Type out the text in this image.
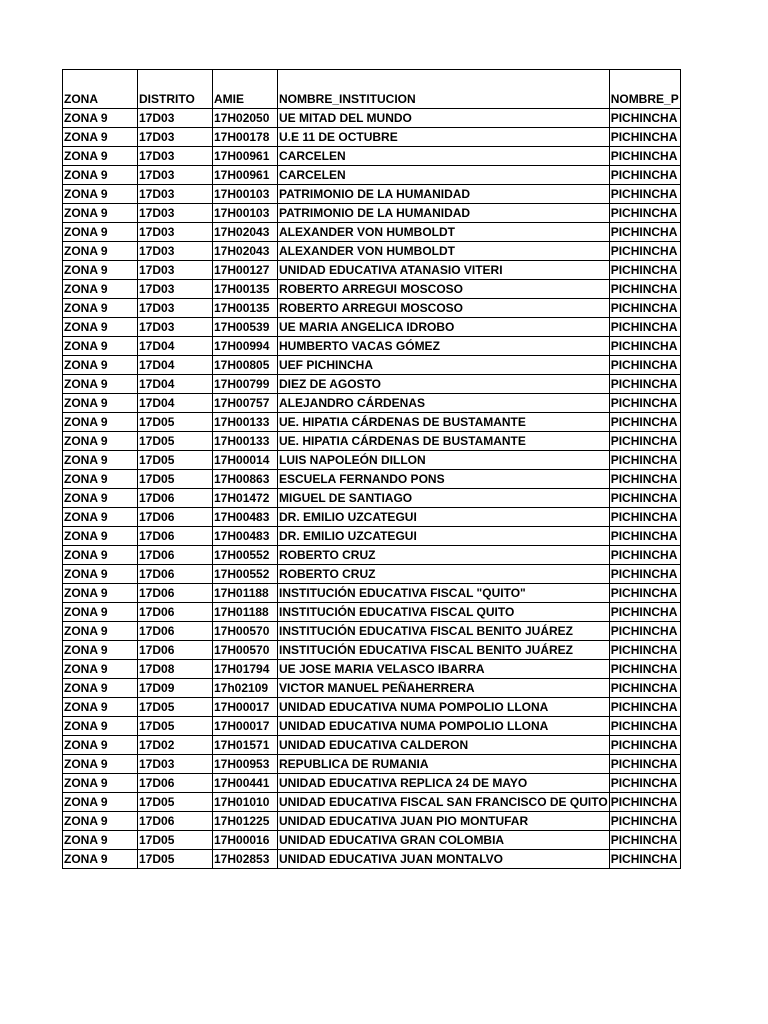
ZONA	DISTRITO	AMIE	NOMBRE_INSTITUCION	NOMBRE_P
ZONA 9	17D03	17H02050	UE MITAD DEL MUNDO	PICHINCHA
ZONA 9	17D03	17H00178	U.E 11 DE OCTUBRE	PICHINCHA
ZONA 9	17D03	17H00961	CARCELEN	PICHINCHA
ZONA 9	17D03	17H00961	CARCELEN	PICHINCHA
ZONA 9	17D03	17H00103	PATRIMONIO DE LA HUMANIDAD	PICHINCHA
ZONA 9	17D03	17H00103	PATRIMONIO DE LA HUMANIDAD	PICHINCHA
ZONA 9	17D03	17H02043	ALEXANDER VON HUMBOLDT	PICHINCHA
ZONA 9	17D03	17H02043	ALEXANDER VON HUMBOLDT	PICHINCHA
ZONA 9	17D03	17H00127	UNIDAD EDUCATIVA ATANASIO VITERI	PICHINCHA
ZONA 9	17D03	17H00135	ROBERTO ARREGUI MOSCOSO	PICHINCHA
ZONA 9	17D03	17H00135	ROBERTO ARREGUI MOSCOSO	PICHINCHA
ZONA 9	17D03	17H00539	UE MARIA ANGELICA IDROBO	PICHINCHA
ZONA 9	17D04	17H00994	HUMBERTO VACAS GÓMEZ	PICHINCHA
ZONA 9	17D04	17H00805	UEF PICHINCHA	PICHINCHA
ZONA 9	17D04	17H00799	DIEZ DE AGOSTO	PICHINCHA
ZONA 9	17D04	17H00757	ALEJANDRO CÁRDENAS	PICHINCHA
ZONA 9	17D05	17H00133	UE. HIPATIA CÁRDENAS DE BUSTAMANTE	PICHINCHA
ZONA 9	17D05	17H00133	UE. HIPATIA CÁRDENAS DE BUSTAMANTE	PICHINCHA
ZONA 9	17D05	17H00014	LUIS NAPOLEÓN DILLON	PICHINCHA
ZONA 9	17D05	17H00863	ESCUELA FERNANDO PONS	PICHINCHA
ZONA 9	17D06	17H01472	MIGUEL DE SANTIAGO	PICHINCHA
ZONA 9	17D06	17H00483	DR. EMILIO UZCATEGUI	PICHINCHA
ZONA 9	17D06	17H00483	DR. EMILIO UZCATEGUI	PICHINCHA
ZONA 9	17D06	17H00552	ROBERTO CRUZ	PICHINCHA
ZONA 9	17D06	17H00552	ROBERTO CRUZ	PICHINCHA
ZONA 9	17D06	17H01188	INSTITUCIÓN EDUCATIVA FISCAL "QUITO"	PICHINCHA
ZONA 9	17D06	17H01188	INSTITUCIÓN EDUCATIVA FISCAL QUITO	PICHINCHA
ZONA 9	17D06	17H00570	INSTITUCIÓN EDUCATIVA FISCAL BENITO JUÁREZ	PICHINCHA
ZONA 9	17D06	17H00570	INSTITUCIÓN EDUCATIVA FISCAL BENITO JUÁREZ	PICHINCHA
ZONA 9	17D08	17H01794	UE JOSE MARIA VELASCO IBARRA	PICHINCHA
ZONA 9	17D09	17h02109	VICTOR MANUEL PEÑAHERRERA	PICHINCHA
ZONA 9	17D05	17H00017	UNIDAD EDUCATIVA NUMA POMPOLIO LLONA	PICHINCHA
ZONA 9	17D05	17H00017	UNIDAD EDUCATIVA NUMA POMPOLIO LLONA	PICHINCHA
ZONA 9	17D02	17H01571	UNIDAD EDUCATIVA CALDERON	PICHINCHA
ZONA 9	17D03	17H00953	REPUBLICA DE RUMANIA	PICHINCHA
ZONA 9	17D06	17H00441	UNIDAD EDUCATIVA REPLICA 24 DE MAYO	PICHINCHA
ZONA 9	17D05	17H01010	UNIDAD EDUCATIVA FISCAL SAN FRANCISCO DE QUITO	PICHINCHA
ZONA 9	17D06	17H01225	UNIDAD EDUCATIVA JUAN PIO MONTUFAR	PICHINCHA
ZONA 9	17D05	17H00016	UNIDAD EDUCATIVA GRAN COLOMBIA	PICHINCHA
ZONA 9	17D05	17H02853	UNIDAD EDUCATIVA JUAN MONTALVO	PICHINCHA
